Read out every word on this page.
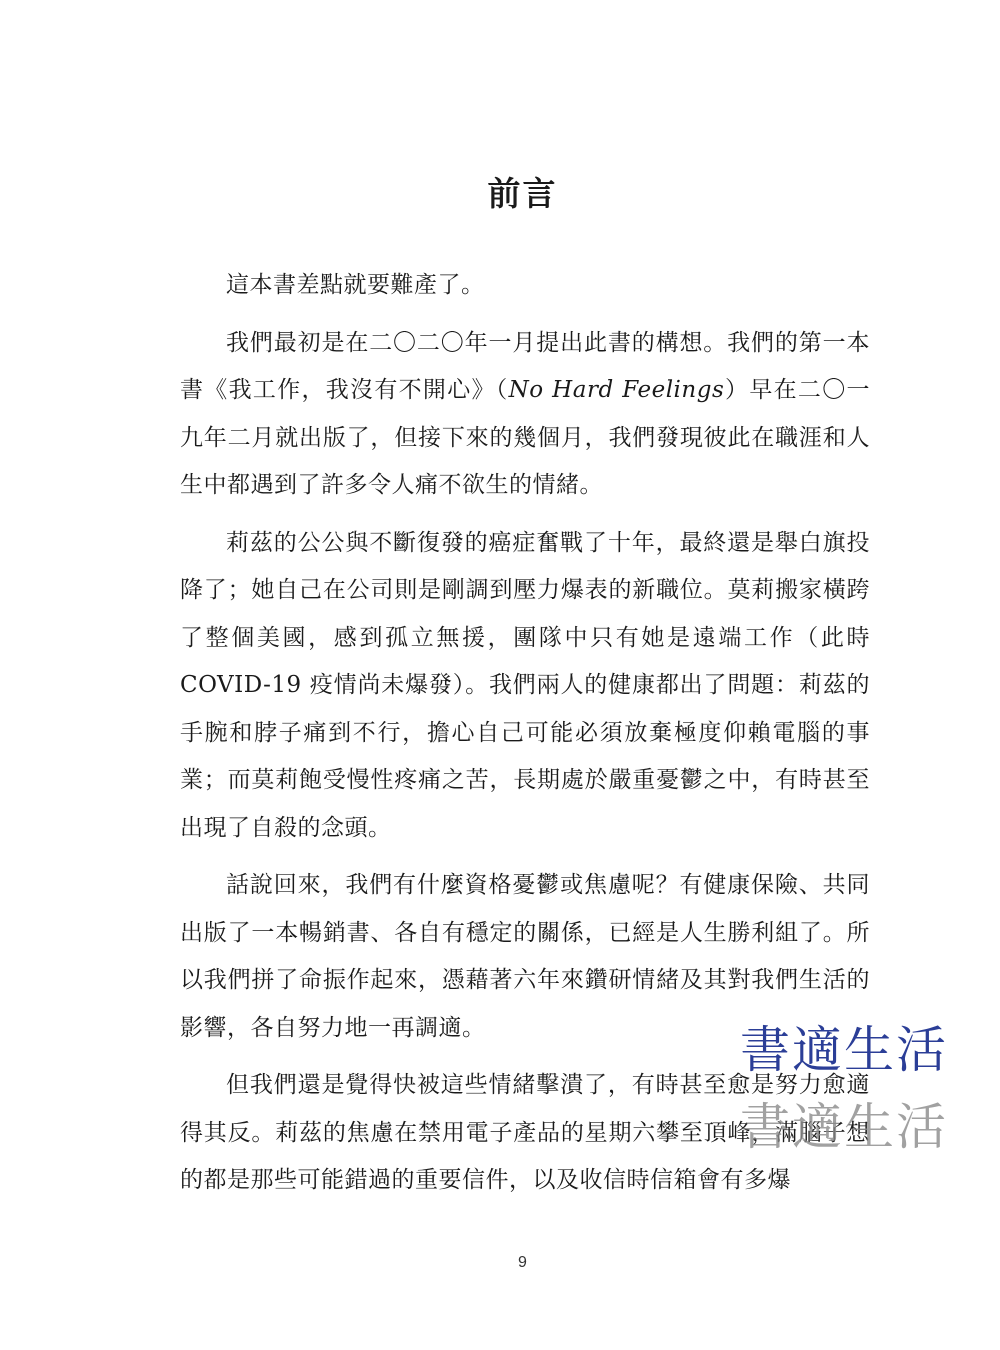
前言

這本書差點就要難產了。

我們最初是在二〇二〇年一月提出此書的構想。我們的第一本書《我工作，我沒有不開心》（No Hard Feelings）早在二〇一九年二月就出版了，但接下來的幾個月，我們發現彼此在職涯和人生中都遇到了許多令人痛不欲生的情緒。

莉茲的公公與不斷復發的癌症奮戰了十年，最終還是舉白旗投降了；她自己在公司則是剛調到壓力爆表的新職位。莫莉搬家橫跨了整個美國，感到孤立無援，團隊中只有她是遠端工作（此時 COVID-19 疫情尚未爆發）。我們兩人的健康都出了問題：莉茲的手腕和脖子痛到不行，擔心自己可能必須放棄極度仰賴電腦的事業；而莫莉飽受慢性疼痛之苦，長期處於嚴重憂鬱之中，有時甚至出現了自殺的念頭。

話說回來，我們有什麼資格憂鬱或焦慮呢？有健康保險、共同出版了一本暢銷書、各自有穩定的關係，已經是人生勝利組了。所以我們拼了命振作起來，憑藉著六年來鑽研情緒及其對我們生活的影響，各自努力地一再調適。

但我們還是覺得快被這些情緒擊潰了，有時甚至愈是努力愈適得其反。莉茲的焦慮在禁用電子產品的星期六攀至頂峰，滿腦子想的都是那些可能錯過的重要信件，以及收信時信箱會有多爆

書適生活
書適生活
9
